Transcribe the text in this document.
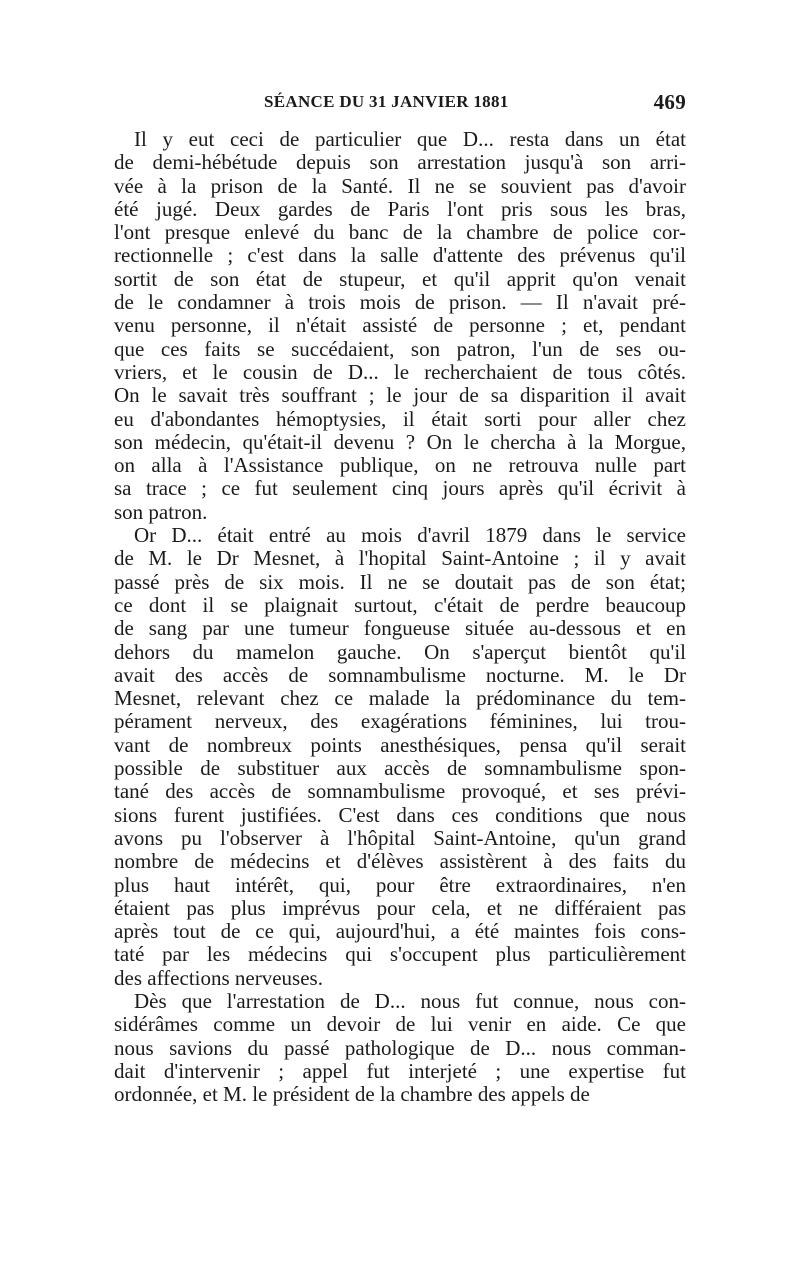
SÉANCE DU 31 JANVIER 1881	469
Il y eut ceci de particulier que D... resta dans un état
de demi-hébétude depuis son arrestation jusqu'à son arri-
vée à la prison de la Santé. Il ne se souvient pas d'avoir
été jugé. Deux gardes de Paris l'ont pris sous les bras,
l'ont presque enlevé du banc de la chambre de police cor-
rectionnelle ; c'est dans la salle d'attente des prévenus qu'il
sortit de son état de stupeur, et qu'il apprit qu'on venait
de le condamner à trois mois de prison. — Il n'avait pré-
venu personne, il n'était assisté de personne ; et, pendant
que ces faits se succédaient, son patron, l'un de ses ou-
vriers, et le cousin de D... le recherchaient de tous côtés.
On le savait très souffrant ; le jour de sa disparition il avait
eu d'abondantes hémoptysies, il était sorti pour aller chez
son médecin, qu'était-il devenu ? On le chercha à la Morgue,
on alla à l'Assistance publique, on ne retrouva nulle part
sa trace ; ce fut seulement cinq jours après qu'il écrivit à
son patron.
Or D... était entré au mois d'avril 1879 dans le service
de M. le Dr Mesnet, à l'hopital Saint-Antoine ; il y avait
passé près de six mois. Il ne se doutait pas de son état;
ce dont il se plaignait surtout, c'était de perdre beaucoup
de sang par une tumeur fongueuse située au-dessous et en
dehors du mamelon gauche. On s'aperçut bientôt qu'il
avait des accès de somnambulisme nocturne. M. le Dr
Mesnet, relevant chez ce malade la prédominance du tem-
pérament nerveux, des exagérations féminines, lui trou-
vant de nombreux points anesthésiques, pensa qu'il serait
possible de substituer aux accès de somnambulisme spon-
tané des accès de somnambulisme provoqué, et ses prévi-
sions furent justifiées. C'est dans ces conditions que nous
avons pu l'observer à l'hôpital Saint-Antoine, qu'un grand
nombre de médecins et d'élèves assistèrent à des faits du
plus haut intérêt, qui, pour être extraordinaires, n'en
étaient pas plus imprévus pour cela, et ne différaient pas
après tout de ce qui, aujourd'hui, a été maintes fois cons-
taté par les médecins qui s'occupent plus particulièrement
des affections nerveuses.
Dès que l'arrestation de D... nous fut connue, nous con-
sidérâmes comme un devoir de lui venir en aide. Ce que
nous savions du passé pathologique de D... nous comman-
dait d'intervenir ; appel fut interjeté ; une expertise fut
ordonnée, et M. le président de la chambre des appels de
